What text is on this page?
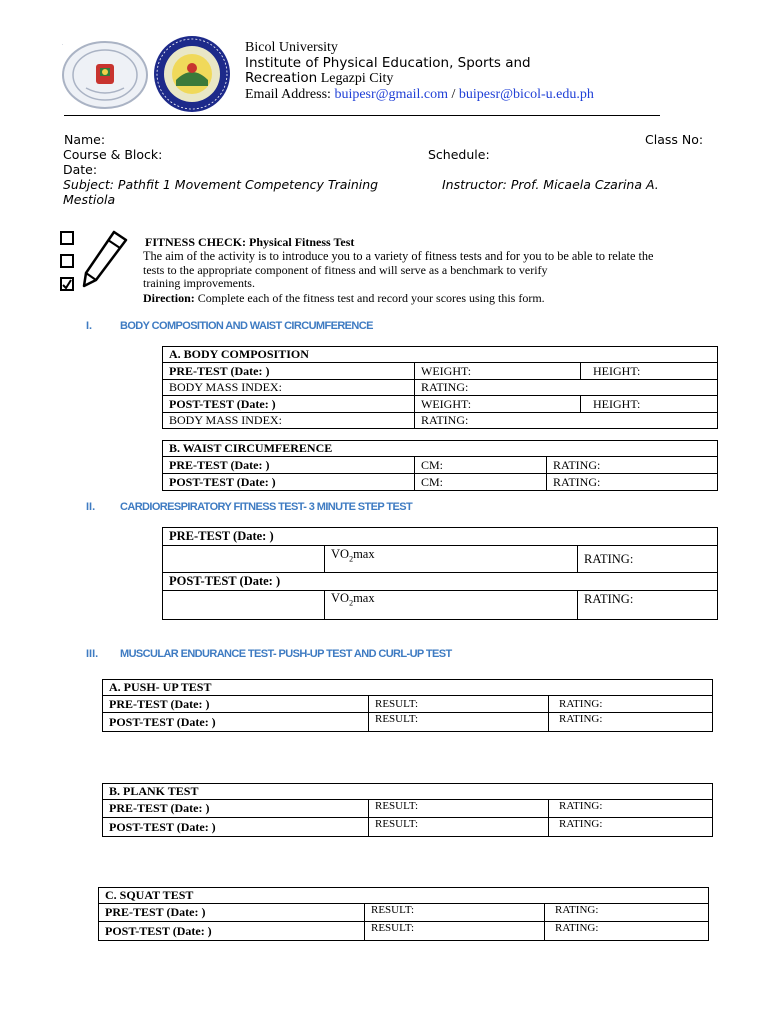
Bicol University
Institute of Physical Education, Sports and
Recreation Legazpi City
Email Address: buipesr@gmail.com / buipesr@bicol-u.edu.ph
Name:	Class No:
Course & Block:	Schedule:
Date:
Subject: Pathfit 1 Movement Competency Training	Instructor: Prof. Micaela Czarina A.
Mestiola
FITNESS CHECK: Physical Fitness Test
The aim of the activity is to introduce you to a variety of fitness tests and for you to be able to relate the
tests to the appropriate component of fitness and will serve as a benchmark to verify
training improvements.
Direction: Complete each of the fitness test and record your scores using this form.
I.	BODY COMPOSITION AND WAIST CIRCUMFERENCE
A. BODY COMPOSITION		
PRE-TEST (Date: )	WEIGHT:	HEIGHT:
BODY MASS INDEX:	RATING:	
POST-TEST (Date: )	WEIGHT:	HEIGHT:
BODY MASS INDEX:	RATING:	
B. WAIST CIRCUMFERENCE		
PRE-TEST (Date: )	CM:	RATING:
POST-TEST (Date: )	CM:	RATING:
II. CARDIORESPIRATORY FITNESS TEST- 3 MINUTE STEP TEST
PRE-TEST (Date: )		
	$VO_2\max$	RATING:
POST-TEST (Date: )		
	$VO_2\max$	RATING:
III. MUSCULAR ENDURANCE TEST- PUSH-UP TEST AND CURL-UP TEST
A. PUSH- UP TEST		
PRE-TEST (Date: )	RESULT:	RATING:
POST-TEST (Date: )	RESULT:	RATING:
B. PLANK TEST		
PRE-TEST (Date: )	RESULT:	RATING:
POST-TEST (Date: )	RESULT:	RATING:
C. SQUAT TEST		
PRE-TEST (Date: )	RESULT:	RATING:
POST-TEST (Date: )	RESULT:	RATING:
